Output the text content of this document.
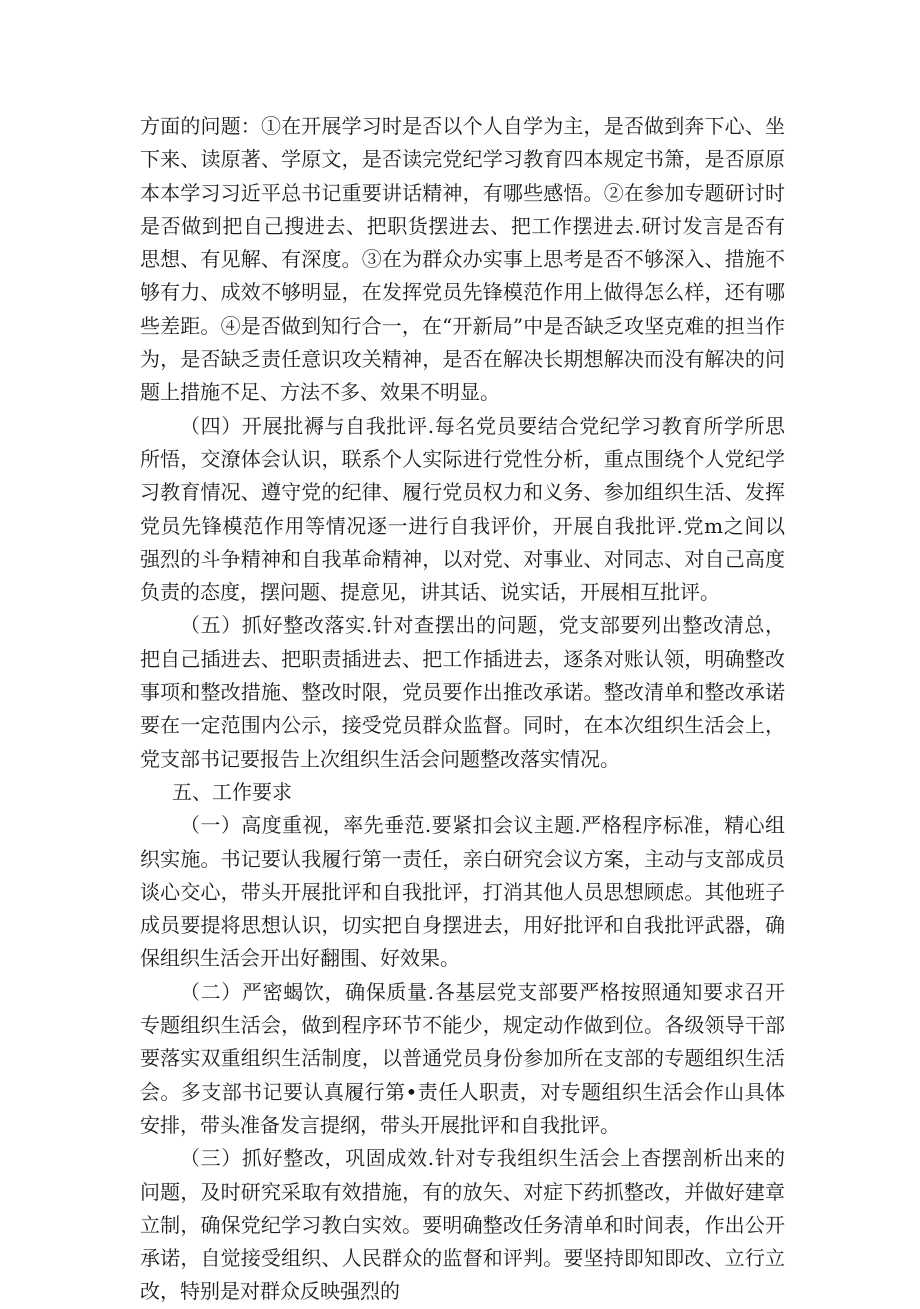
方面的问题：①在开展学习时是否以个人自学为主，是否做到奔下心、坐下来、读原著、学原文，是否读完党纪学习教育四本规定书箫，是否原原本本学习习近平总书记重要讲话精神，有哪些感悟。②在参加专题研讨时是否做到把自己搜进去、把职货摆进去、把工作摆进去.研讨发言是否有思想、有见解、有深度。③在为群众办实事上思考是否不够深入、措施不够有力、成效不够明显，在发挥党员先锋模范作用上做得怎么样，还有哪些差距。④是否做到知行合一，在“开新局”中是否缺乏攻坚克难的担当作为，是否缺乏责任意识攻关精神，是否在解决长期想解决而没有解决的问题上措施不足、方法不多、效果不明显。

（四）开展批褥与自我批评.每名党员要结合党纪学习教育所学所思所悟，交潦体会认识，联系个人实际进行党性分析，重点围绕个人党纪学习教育情况、遵守党的纪律、履行党员权力和义务、参加组织生活、发挥党员先锋模范作用等情况逐一进行自我评价，开展自我批评.党m之间以强烈的斗争精神和自我革命精神，以对党、对事业、对同志、对自己高度负责的态度，摆问题、提意见，讲其话、说实话，开展相互批评。

（五）抓好整改落实.针对查摆出的问题，党支部要列出整改清总，把自己插进去、把职责插进去、把工作插进去，逐条对账认领，明确整改事项和整改措施、整改时限，党员要作出推改承诺。整改清单和整改承诺要在一定范围内公示，接受党员群众监督。同时，在本次组织生活会上，党支部书记要报告上次组织生活会问题整改落实情况。

五、工作要求

（一）高度重视，率先垂范.要紧扣会议主题.严格程序标准，精心组织实施。书记要认我履行第一责任，亲白研究会议方案，主动与支部成员谈心交心，带头开展批评和自我批评，打消其他人员思想顾虑。其他班子成员要提将思想认识，切实把自身摆进去，用好批评和自我批评武器，确保组织生活会开出好翻围、好效果。

（二）严密蝎饮，确保质量.各基层党支部要严格按照通知要求召开专题组织生活会，做到程序环节不能少，规定动作做到位。各级领导干部要落实双重组织生活制度，以普通党员身份参加所在支部的专题组织生活会。多支部书记要认真履行第•责任人职责，对专题组织生活会作山具体安排，带头准备发言提纲，带头开展批评和自我批评。

（三）抓好整改，巩固成效.针对专我组织生活会上杳摆剖析出来的问题，及时研究采取有效措施，有的放矢、对症下药抓整改，并做好建章立制，确保党纪学习教白实效。要明确整改任务清单和时间表，作出公开承诺，自觉接受组织、人民群众的监督和评判。要坚持即知即改、立行立改，特别是对群众反映强烈的
